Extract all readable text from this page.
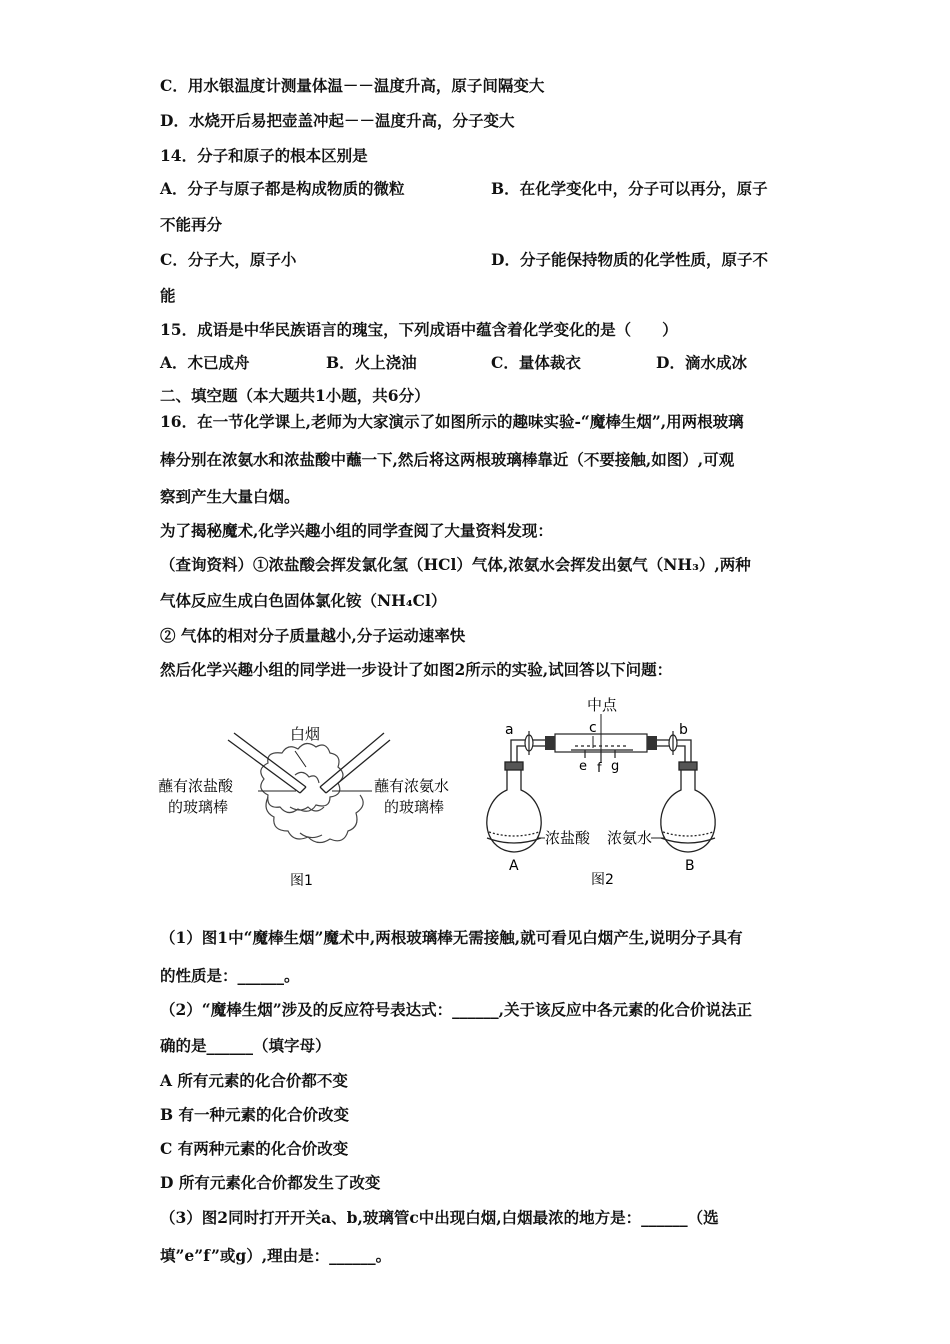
C．用水银温度计测量体温－－温度升高，原子间隔变大
D．水烧开后易把壶盖冲起－－温度升高，分子变大
14．分子和原子的根本区别是
A．分子与原子都是构成物质的微粒	B．在化学变化中，分子可以再分，原子
不能再分
C．分子大，原子小	D．分子能保持物质的化学性质，原子不
能
15．成语是中华民族语言的瑰宝，下列成语中蕴含着化学变化的是（　　）
A．木已成舟	B．火上浇油	C．量体裁衣	D．滴水成冰
二、填空题（本大题共1小题，共6分）
16．在一节化学课上,老师为大家演示了如图所示的趣味实验-“魔棒生烟”,用两根玻璃
棒分别在浓氨水和浓盐酸中蘸一下,然后将这两根玻璃棒靠近（不要接触,如图）,可观
察到产生大量白烟。
为了揭秘魔术,化学兴趣小组的同学查阅了大量资料发现：
（查询资料）①浓盐酸会挥发氯化氢（HCl）气体,浓氨水会挥发出氨气（NH₃）,两种
气体反应生成白色固体氯化铵（NH₄Cl）
② 气体的相对分子质量越小,分子运动速率快
然后化学兴趣小组的同学进一步设计了如图2所示的实验,试回答以下问题：
白烟
蘸有浓盐酸
的玻璃棒
蘸有浓氨水
的玻璃棒
图1
中点
a	b
c
e f g
浓盐酸 浓氨水
A	B
图2
（1）图1中“魔棒生烟”魔术中,两根玻璃棒无需接触,就可看见白烟产生,说明分子具有
的性质是：______。
（2）“魔棒生烟”涉及的反应符号表达式：______,关于该反应中各元素的化合价说法正
确的是______（填字母）
A 所有元素的化合价都不变
B 有一种元素的化合价改变
C 有两种元素的化合价改变
D 所有元素化合价都发生了改变
（3）图2同时打开开关a、b,玻璃管c中出现白烟,白烟最浓的地方是：______（选
填”e”f”或g）,理由是：______。
